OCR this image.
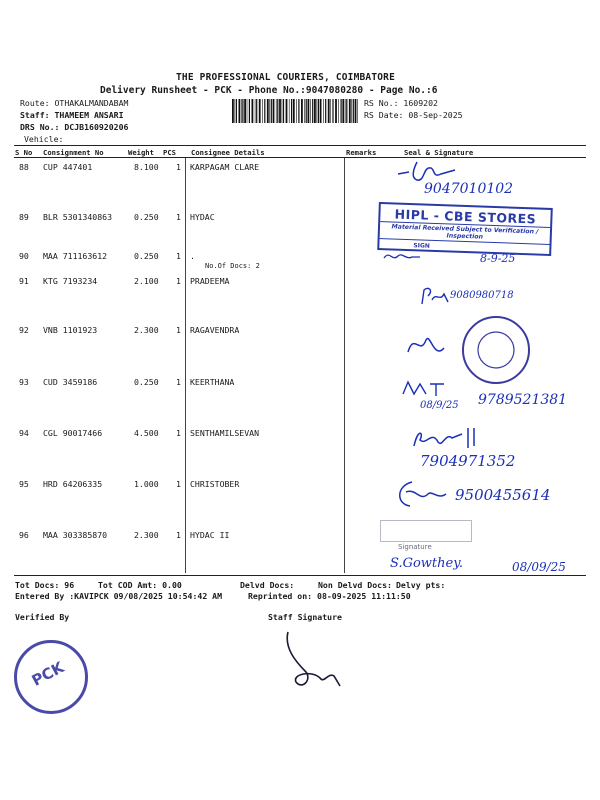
THE PROFESSIONAL COURIERS, COIMBATORE
Delivery Runsheet - PCK - Phone No.:9047080280 - Page No.:6
Route: OTHAKALMANDABAM
Staff: THAMEEM ANSARI
DRS No.: DCJB160920206
Vehicle:
RS No.: 1609202
RS Date: 08-Sep-2025
S No Consignment No	Weight PCS Consignee Details	Remarks	Seal & Signature
88 CUP 447401	8.100 1 KARPAGAM CLARE
89 BLR 5301340863	0.250 1 HYDAC
90 MAA 711163612	0.250 1 .
No.Of Docs: 2
91 KTG 7193234	2.100 1 PRADEEMA
92 VNB 1101923	2.300 1 RAGAVENDRA
93 CUD 3459186	0.250 1 KEERTHANA
94 CGL 90017466	4.500 1 SENTHAMILSEVAN
95 HRD 64206335	1.000 1 CHRISTOBER
96 MAA 303385870	2.300 1 HYDAC II
9047010102
HIPL - CBE STORES
Material Received Subject to Verification / Inspection
SIGN
8-9-25
9080980718
08/9/25 9789521381
7904971352
9500455614
Signature
S.Gowthey.	08/09/25
Tot Docs: 96	Tot COD Amt: 0.00	Delvd Docs:	Non Delvd Docs: Delvy pts:
Entered By :KAVIPCK 09/08/2025 10:54:42 AM	Reprinted on: 08-09-2025 11:11:50
Verified By	Staff Signature
PCK
